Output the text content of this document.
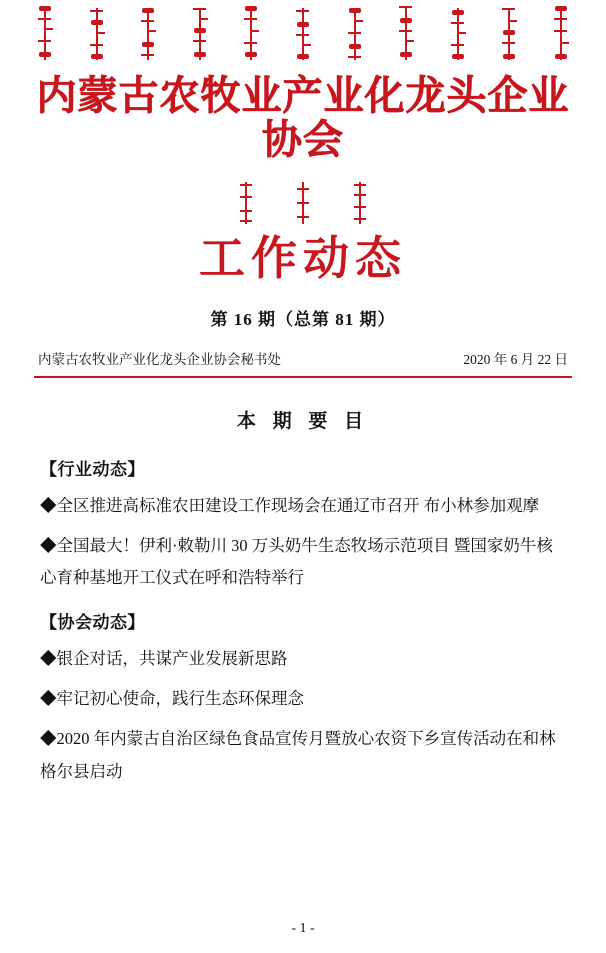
内蒙古农牧业产业化龙头企业协会
工作动态
第 16 期（总第 81 期）
内蒙古农牧业产业化龙头企业协会秘书处	2020 年 6 月 22 日
本 期 要 目
【行业动态】
◆全区推进高标准农田建设工作现场会在通辽市召开 布小林参加观摩
◆全国最大！伊利·敕勒川 30 万头奶牛生态牧场示范项目 暨国家奶牛核心育种基地开工仪式在呼和浩特举行
【协会动态】
◆银企对话，共谋产业发展新思路
◆牢记初心使命，践行生态环保理念
◆2020 年内蒙古自治区绿色食品宣传月暨放心农资下乡宣传活动在和林格尔县启动
- 1 -
